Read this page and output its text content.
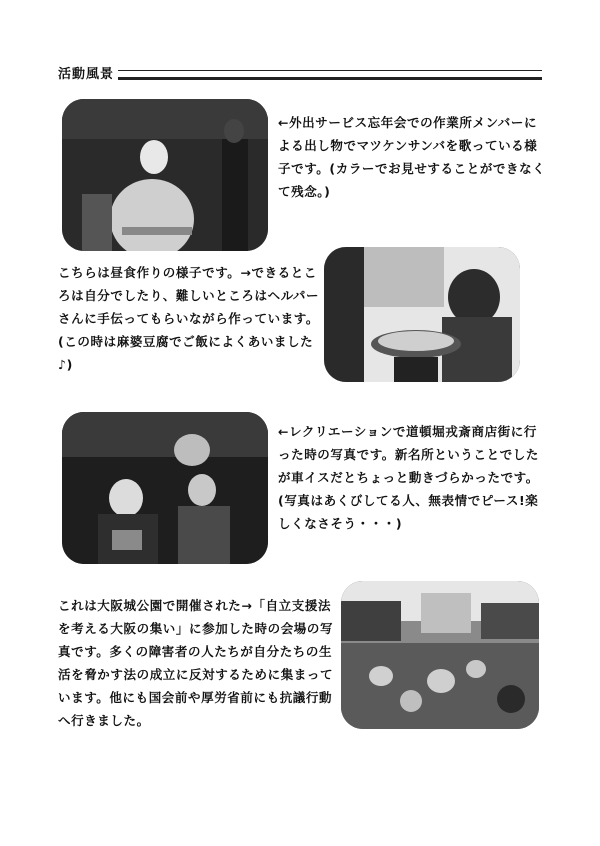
活動風景

←外出サービス忘年会での作業所メンバーによる出し物でマツケンサンバを歌っている様子です。(カラーでお見せすることができなくて残念。)

こちらは昼食作りの様子です。→できるところは自分でしたり、難しいところはヘルパーさんに手伝ってもらいながら作っています。(この時は麻婆豆腐でご飯によくあいました♪)

←レクリエーションで道頓堀戎斎商店街に行った時の写真です。新名所ということでしたが車イスだとちょっと動きづらかったです。(写真はあくびしてる人、無表情でピース!楽しくなさそう・・・)

これは大阪城公園で開催された→「自立支援法を考える大阪の集い」に参加した時の会場の写真です。多くの障害者の人たちが自分たちの生活を脅かす法の成立に反対するために集まっています。他にも国会前や厚労省前にも抗議行動へ行きました。
